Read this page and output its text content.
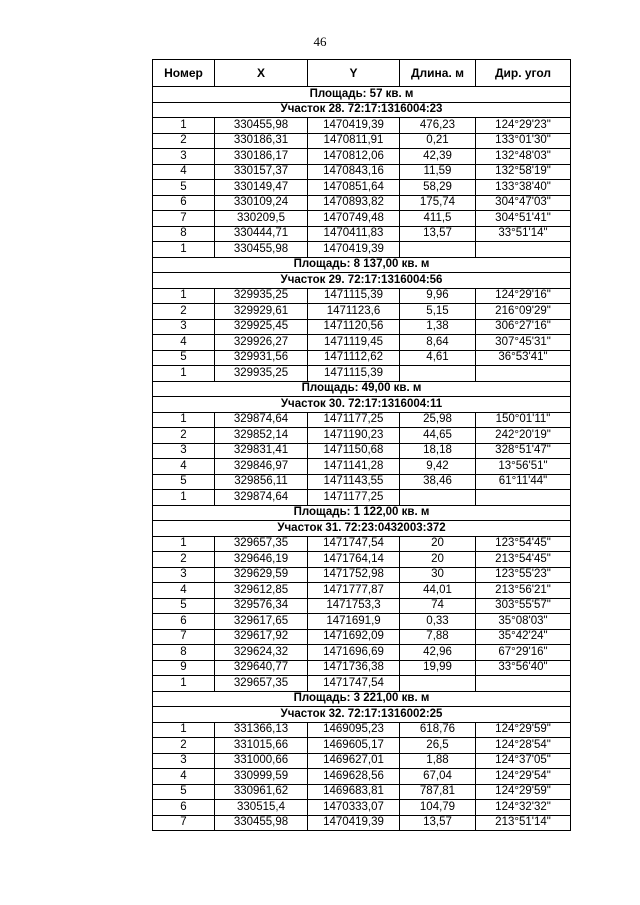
46
Номер	X	Y	Длина. м	Дир. угол
Площадь: 57 кв. м				
Участок 28. 72:17:1316004:23				
1	330455,98	1470419,39	476,23	124°29'23"
2	330186,31	1470811,91	0,21	133°01'30"
3	330186,17	1470812,06	42,39	132°48'03"
4	330157,37	1470843,16	11,59	132°58'19"
5	330149,47	1470851,64	58,29	133°38'40"
6	330109,24	1470893,82	175,74	304°47'03"
7	330209,5	1470749,48	411,5	304°51'41"
8	330444,71	1470411,83	13,57	33°51'14"
1	330455,98	1470419,39		
Площадь: 8 137,00 кв. м				
Участок 29. 72:17:1316004:56				
1	329935,25	1471115,39	9,96	124°29'16"
2	329929,61	1471123,6	5,15	216°09'29"
3	329925,45	1471120,56	1,38	306°27'16"
4	329926,27	1471119,45	8,64	307°45'31"
5	329931,56	1471112,62	4,61	36°53'41"
1	329935,25	1471115,39		
Площадь: 49,00 кв. м				
Участок 30. 72:17:1316004:11				
1	329874,64	1471177,25	25,98	150°01'11"
2	329852,14	1471190,23	44,65	242°20'19"
3	329831,41	1471150,68	18,18	328°51'47"
4	329846,97	1471141,28	9,42	13°56'51"
5	329856,11	1471143,55	38,46	61°11'44"
1	329874,64	1471177,25		
Площадь: 1 122,00 кв. м				
Участок 31. 72:23:0432003:372				
1	329657,35	1471747,54	20	123°54'45"
2	329646,19	1471764,14	20	213°54'45"
3	329629,59	1471752,98	30	123°55'23"
4	329612,85	1471777,87	44,01	213°56'21"
5	329576,34	1471753,3	74	303°55'57"
6	329617,65	1471691,9	0,33	35°08'03"
7	329617,92	1471692,09	7,88	35°42'24"
8	329624,32	1471696,69	42,96	67°29'16"
9	329640,77	1471736,38	19,99	33°56'40"
1	329657,35	1471747,54		
Площадь: 3 221,00 кв. м				
Участок 32. 72:17:1316002:25				
1	331366,13	1469095,23	618,76	124°29'59"
2	331015,66	1469605,17	26,5	124°28'54"
3	331000,66	1469627,01	1,88	124°37'05"
4	330999,59	1469628,56	67,04	124°29'54"
5	330961,62	1469683,81	787,81	124°29'59"
6	330515,4	1470333,07	104,79	124°32'32"
7	330455,98	1470419,39	13,57	213°51'14"
